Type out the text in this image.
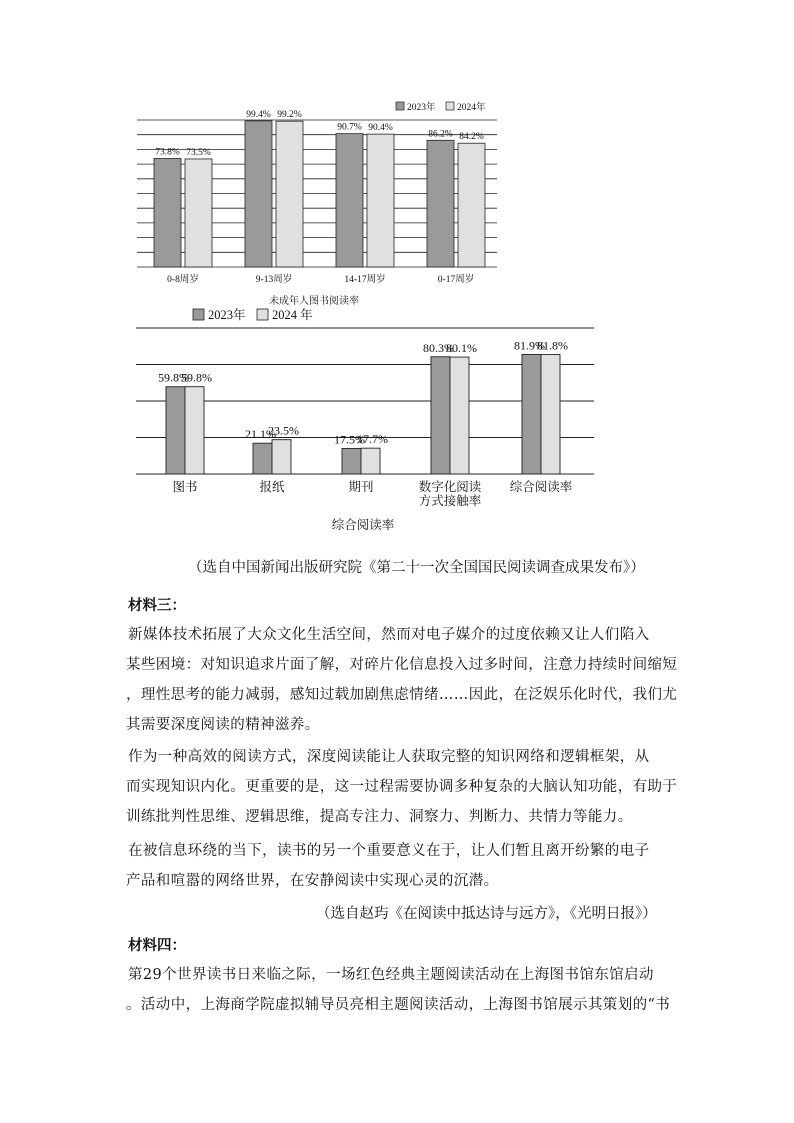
73.8% 73.5%
99.4% 99.2%
90.7% 90.4%
86.2% 84.2%
0-8周岁	9-13周岁	14-17周岁	0-17周岁
2023年 2024年
未成年人图书阅读率
59.8%
59.8%
21.1%
23.5%
17.5%
17.7%
80.3%
80.1%	81.9%
81.8%
图书	报纸	期刊	数字化阅读方式接触率
综合阅读率
2023年 2024 年
综合阅读率

（选自中国新闻出版研究院《第二十一次全国国民阅读调查成果发布》）

材料三：

新媒体技术拓展了大众文化生活空间，然而对电子媒介的过度依赖又让人们陷入
某些困境：对知识追求片面了解，对碎片化信息投入过多时间，注意力持续时间缩短
，理性思考的能力减弱，感知过载加剧焦虑情绪……因此，在泛娱乐化时代，我们尤
其需要深度阅读的精神滋养。
作为一种高效的阅读方式，深度阅读能让人获取完整的知识网络和逻辑框架，从
而实现知识内化。更重要的是，这一过程需要协调多种复杂的大脑认知功能，有助于
训练批判性思维、逻辑思维，提高专注力、洞察力、判断力、共情力等能力。
在被信息环绕的当下，读书的另一个重要意义在于，让人们暂且离开纷繁的电子
产品和喧嚣的网络世界，在安静阅读中实现心灵的沉潜。

（选自赵玙《在阅读中抵达诗与远方》，《光明日报》）

材料四：

第29个世界读书日来临之际，一场红色经典主题阅读活动在上海图书馆东馆启动
。活动中，上海商学院虚拟辅导员亮相主题阅读活动，上海图书馆展示其策划的“书
